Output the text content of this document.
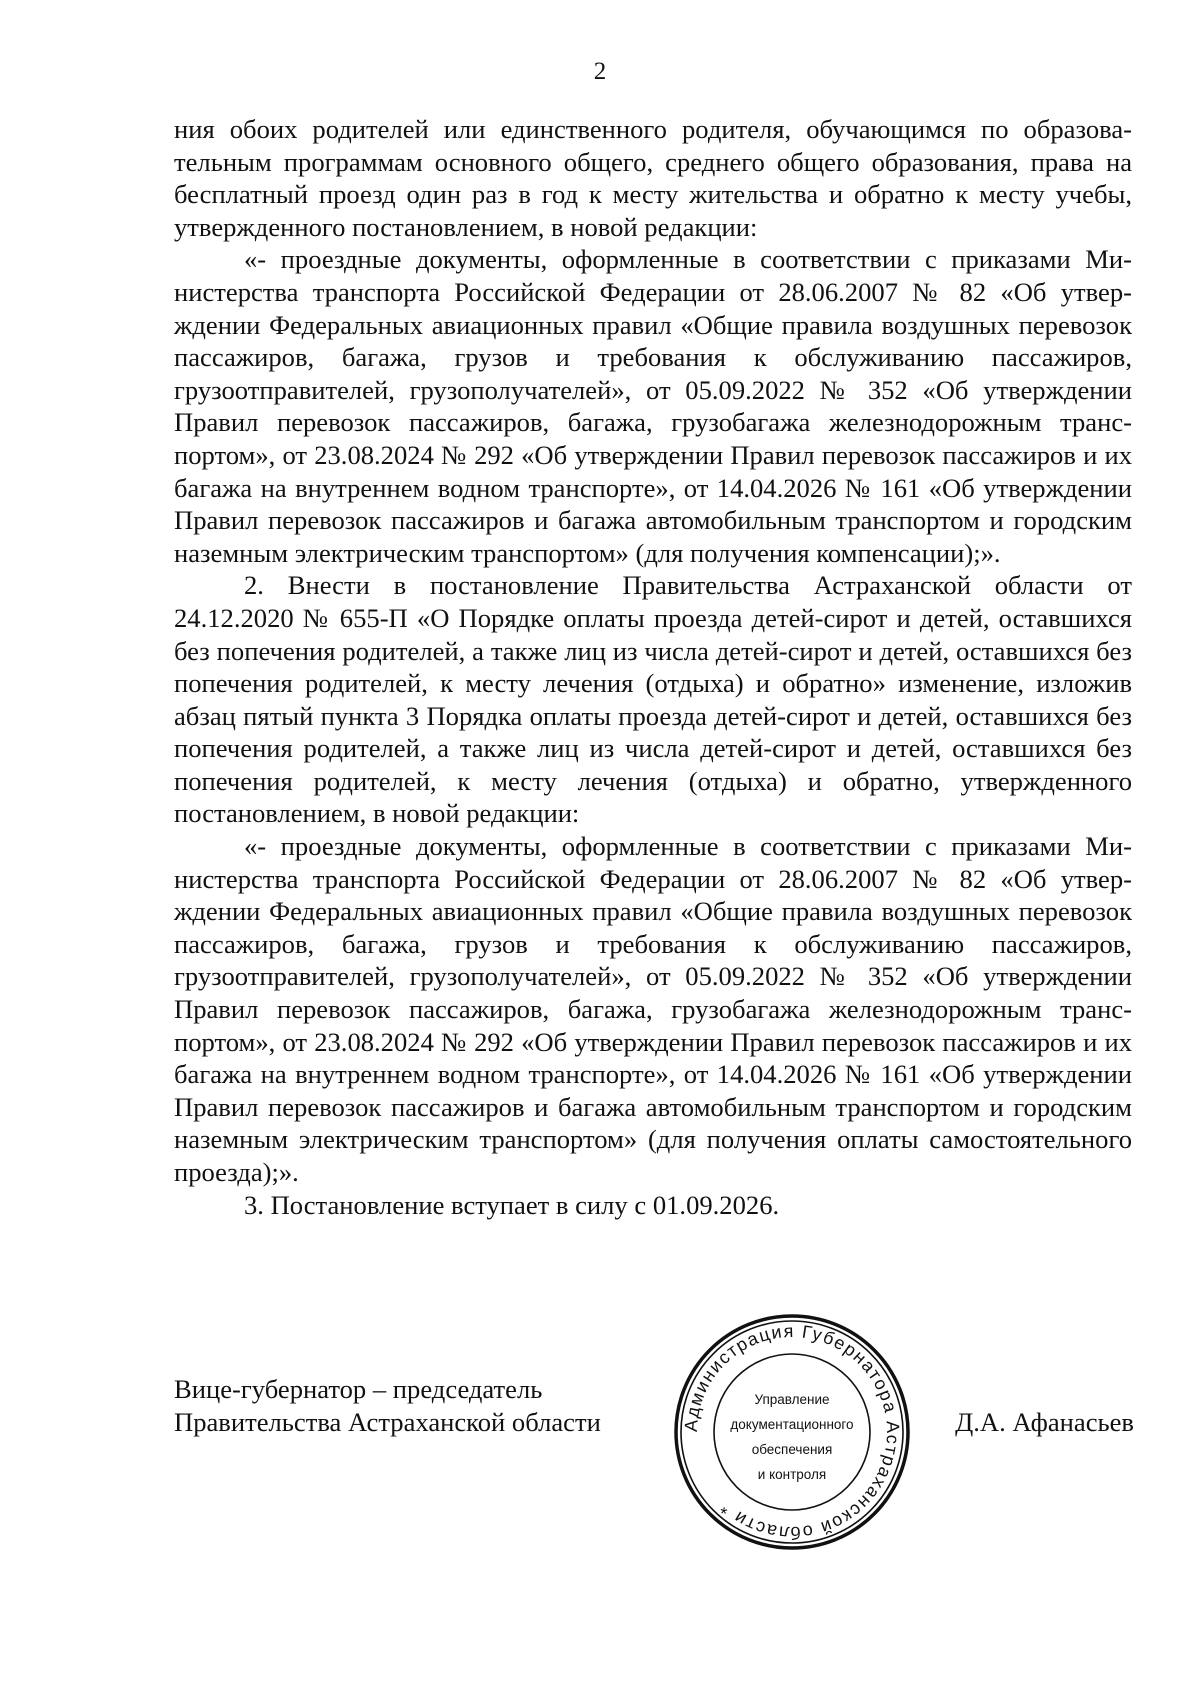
2

ния обоих родителей или единственного родителя, обучающимся по образовательным программам основного общего, среднего общего образования, права на бесплатный проезд один раз в год к месту жительства и обратно к месту учебы, утвержденного постановлением, в новой редакции:

«- проездные документы, оформленные в соответствии с приказами Министерства транспорта Российской Федерации от 28.06.2007 № 82 «Об утверждении Федеральных авиационных правил «Общие правила воздушных перевозок пассажиров, багажа, грузов и требования к обслуживанию пассажиров, грузоотправителей, грузополучателей», от 05.09.2022 № 352 «Об утверждении Правил перевозок пассажиров, багажа, грузобагажа железнодорожным транспортом», от 23.08.2024 № 292 «Об утверждении Правил перевозок пассажиров и их багажа на внутреннем водном транспорте», от 14.04.2026 № 161 «Об утверждении Правил перевозок пассажиров и багажа автомобильным транспортом и городским наземным электрическим транспортом» (для получения компенсации);».

2. Внести в постановление Правительства Астраханской области от 24.12.2020 № 655-П «О Порядке оплаты проезда детей-сирот и детей, оставшихся без попечения родителей, а также лиц из числа детей-сирот и детей, оставшихся без попечения родителей, к месту лечения (отдыха) и обратно» изменение, изложив абзац пятый пункта 3 Порядка оплаты проезда детей-сирот и детей, оставшихся без попечения родителей, а также лиц из числа детей-сирот и детей, оставшихся без попечения родителей, к месту лечения (отдыха) и обратно, утвержденного постановлением, в новой редакции:

«- проездные документы, оформленные в соответствии с приказами Министерства транспорта Российской Федерации от 28.06.2007 № 82 «Об утверждении Федеральных авиационных правил «Общие правила воздушных перевозок пассажиров, багажа, грузов и требования к обслуживанию пассажиров, грузоотправителей, грузополучателей», от 05.09.2022 № 352 «Об утверждении Правил перевозок пассажиров, багажа, грузобагажа железнодорожным транспортом», от 23.08.2024 № 292 «Об утверждении Правил перевозок пассажиров и их багажа на внутреннем водном транспорте», от 14.04.2026 № 161 «Об утверждении Правил перевозок пассажиров и багажа автомобильным транспортом и городским наземным электрическим транспортом» (для получения оплаты самостоятельного проезда);».

3. Постановление вступает в силу с 01.09.2026.

Вице-губернатор – председатель
Правительства Астраханской области	Д.А. Афанасьев
Администрация Губернатора Астраханской области *
Управление
документационного
обеспечения
и контроля
